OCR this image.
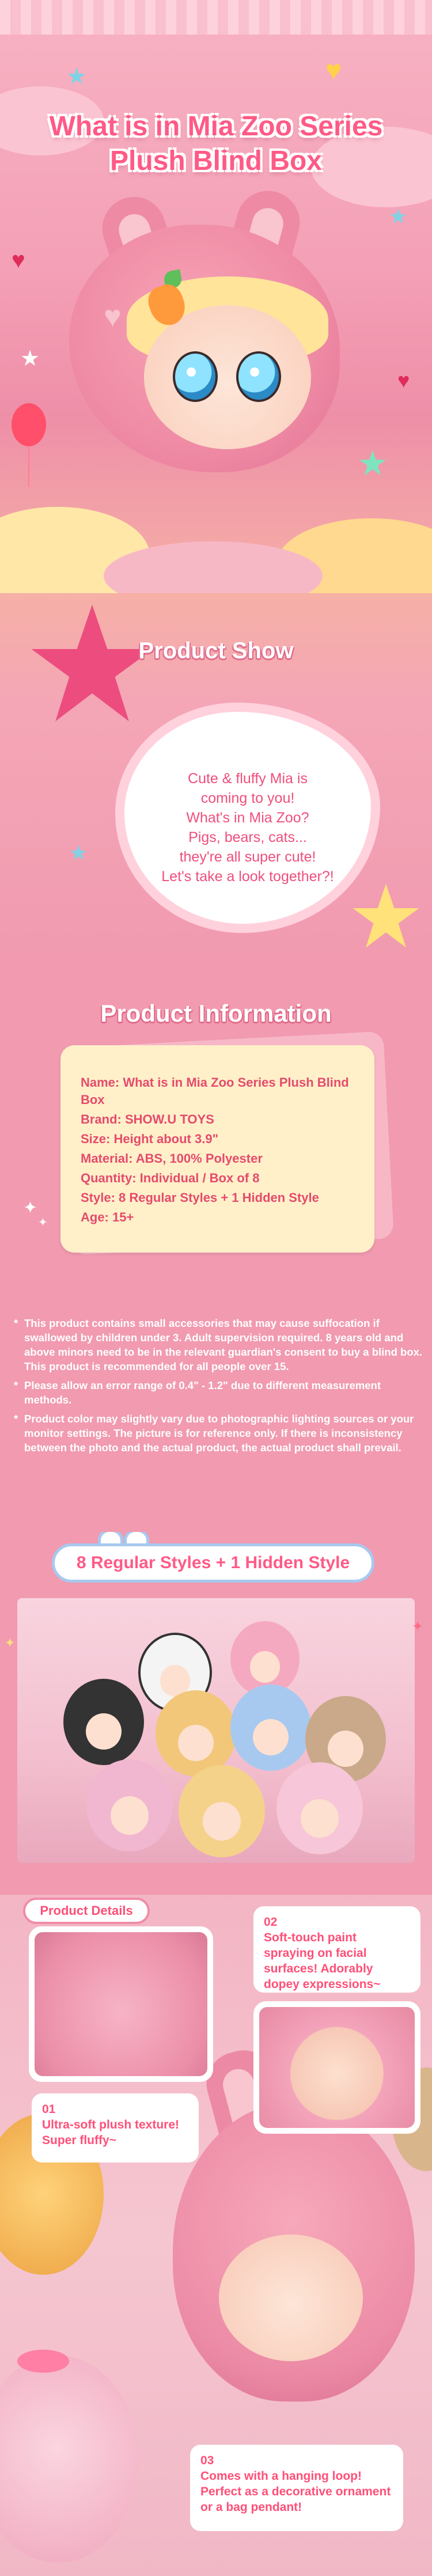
♥
♥
♥
★
★
★
★
What is in Mia Zoo Series
Plush Blind Box
♥
★
Product Show
Cute & fluffy Mia is
coming to you!
What's in Mia Zoo?
Pigs, bears, cats...
they're all super cute!
Let's take a look together?!
Product Information
✦
✦
Name: What is in Mia Zoo Series Plush Blind Box
Brand: SHOW.U TOYS
Size: Height about 3.9"
Material: ABS, 100% Polyester
Quantity: Individual / Box of 8
Style: 8 Regular Styles + 1 Hidden Style
Age: 15+
* This product contains small accessories that may cause suffocation if swallowed by children under 3. Adult supervision required. 8 years old and above minors need to be in the relevant guardian's consent to buy a blind box. This product is recommended for all people over 15.
* Please allow an error range of 0.4" - 1.2" due to different measurement methods.
* Product color may slightly vary due to photographic lighting sources or your monitor settings. The picture is for reference only. If there is inconsistency between the photo and the actual product, the actual product shall prevail.
8 Regular Styles + 1 Hidden Style
✦
✦
Product Details
02
Soft-touch paint spraying on facial surfaces! Adorably dopey expressions~
01
Ultra-soft plush texture! Super fluffy~
03
Comes with a hanging loop! Perfect as a decorative ornament or a bag pendant!
